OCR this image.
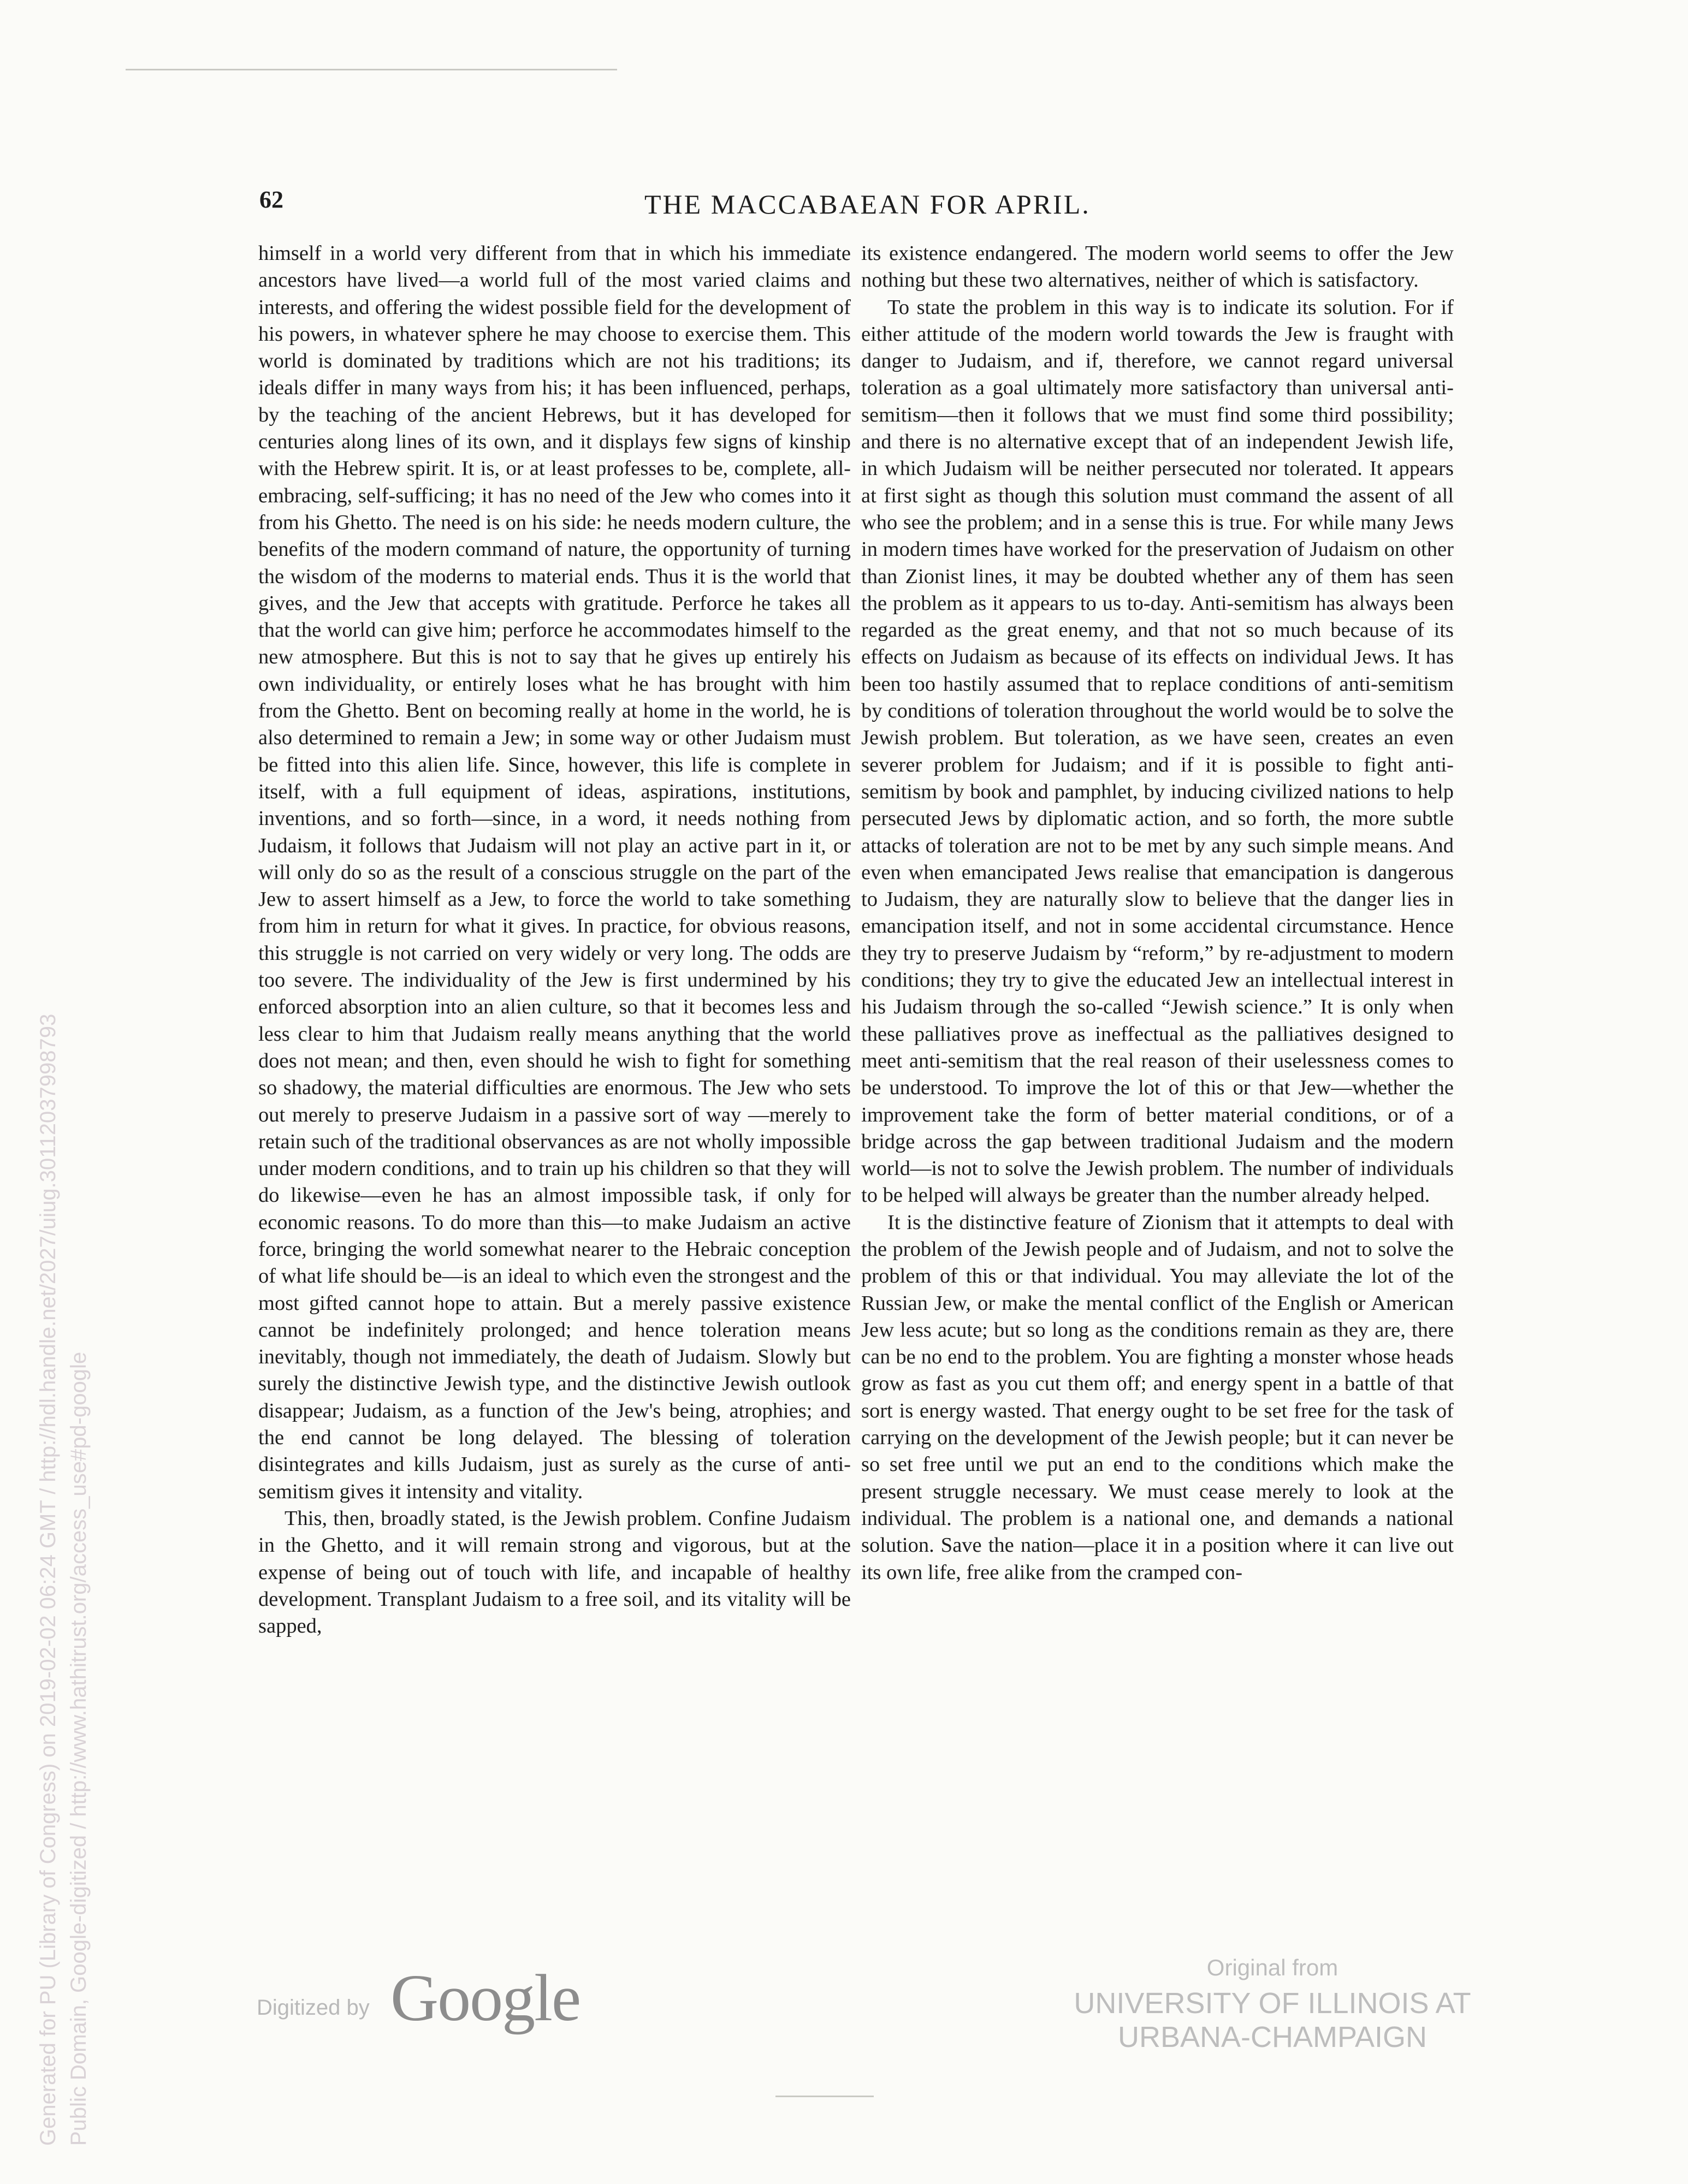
62	THE MACCABAEAN FOR APRIL.

himself in a world very different from that in which his immediate ancestors have lived—a world full of the most varied claims and interests, and offering the widest possible field for the development of his powers, in whatever sphere he may choose to exercise them. This world is dominated by traditions which are not his traditions; its ideals differ in many ways from his; it has been influenced, perhaps, by the teaching of the ancient Hebrews, but it has developed for centuries along lines of its own, and it displays few signs of kinship with the Hebrew spirit. It is, or at least professes to be, complete, all-embracing, self-sufficing; it has no need of the Jew who comes into it from his Ghetto. The need is on his side: he needs modern culture, the benefits of the modern command of nature, the opportunity of turning the wisdom of the moderns to material ends. Thus it is the world that gives, and the Jew that accepts with gratitude. Perforce he takes all that the world can give him; perforce he accommodates himself to the new atmosphere. But this is not to say that he gives up entirely his own individuality, or entirely loses what he has brought with him from the Ghetto. Bent on becoming really at home in the world, he is also determined to remain a Jew; in some way or other Judaism must be fitted into this alien life. Since, however, this life is complete in itself, with a full equipment of ideas, aspirations, institutions, inventions, and so forth—since, in a word, it needs nothing from Judaism, it follows that Judaism will not play an active part in it, or will only do so as the result of a conscious struggle on the part of the Jew to assert himself as a Jew, to force the world to take something from him in return for what it gives. In practice, for obvious reasons, this struggle is not carried on very widely or very long. The odds are too severe. The individuality of the Jew is first undermined by his enforced absorption into an alien culture, so that it becomes less and less clear to him that Judaism really means anything that the world does not mean; and then, even should he wish to fight for something so shadowy, the material difficulties are enormous. The Jew who sets out merely to preserve Judaism in a passive sort of way —merely to retain such of the traditional observances as are not wholly impossible under modern conditions, and to train up his children so that they will do likewise—even he has an almost impossible task, if only for economic reasons. To do more than this—to make Judaism an active force, bringing the world somewhat nearer to the Hebraic conception of what life should be—is an ideal to which even the strongest and the most gifted cannot hope to attain. But a merely passive existence cannot be indefinitely prolonged; and hence toleration means inevitably, though not immediately, the death of Judaism. Slowly but surely the distinctive Jewish type, and the distinctive Jewish outlook disappear; Judaism, as a function of the Jew's being, atrophies; and the end cannot be long delayed. The blessing of toleration disintegrates and kills Judaism, just as surely as the curse of anti-semitism gives it intensity and vitality.

This, then, broadly stated, is the Jewish problem. Confine Judaism in the Ghetto, and it will remain strong and vigorous, but at the expense of being out of touch with life, and incapable of healthy development. Transplant Judaism to a free soil, and its vitality will be sapped,

its existence endangered. The modern world seems to offer the Jew nothing but these two alternatives, neither of which is satisfactory.

To state the problem in this way is to indicate its solution. For if either attitude of the modern world towards the Jew is fraught with danger to Judaism, and if, therefore, we cannot regard universal toleration as a goal ultimately more satisfactory than universal anti-semitism—then it follows that we must find some third possibility; and there is no alternative except that of an independent Jewish life, in which Judaism will be neither persecuted nor tolerated. It appears at first sight as though this solution must command the assent of all who see the problem; and in a sense this is true. For while many Jews in modern times have worked for the preservation of Judaism on other than Zionist lines, it may be doubted whether any of them has seen the problem as it appears to us to-day. Anti-semitism has always been regarded as the great enemy, and that not so much because of its effects on Judaism as because of its effects on individual Jews. It has been too hastily assumed that to replace conditions of anti-semitism by conditions of toleration throughout the world would be to solve the Jewish problem. But toleration, as we have seen, creates an even severer problem for Judaism; and if it is possible to fight anti-semitism by book and pamphlet, by inducing civilized nations to help persecuted Jews by diplomatic action, and so forth, the more subtle attacks of toleration are not to be met by any such simple means. And even when emancipated Jews realise that emancipation is dangerous to Judaism, they are naturally slow to believe that the danger lies in emancipation itself, and not in some accidental circumstance. Hence they try to preserve Judaism by “reform,” by re-adjustment to modern conditions; they try to give the educated Jew an intellectual interest in his Judaism through the so-called “Jewish science.” It is only when these palliatives prove as ineffectual as the palliatives designed to meet anti-semitism that the real reason of their uselessness comes to be understood. To improve the lot of this or that Jew—whether the improvement take the form of better material conditions, or of a bridge across the gap between traditional Judaism and the modern world—is not to solve the Jewish problem. The number of individuals to be helped will always be greater than the number already helped.

It is the distinctive feature of Zionism that it attempts to deal with the problem of the Jewish people and of Judaism, and not to solve the problem of this or that individual. You may alleviate the lot of the Russian Jew, or make the mental conflict of the English or American Jew less acute; but so long as the conditions remain as they are, there can be no end to the problem. You are fighting a monster whose heads grow as fast as you cut them off; and energy spent in a battle of that sort is energy wasted. That energy ought to be set free for the task of carrying on the development of the Jewish people; but it can never be so set free until we put an end to the conditions which make the present struggle necessary. We must cease merely to look at the individual. The problem is a national one, and demands a national solution. Save the nation—place it in a position where it can live out its own life, free alike from the cramped con-

Generated for PU (Library of Congress) on 2019-02-02 06:24 GMT / http://hdl.handle.net/2027/uiug.30112037998793 Public Domain, Google-digitized / http://www.hathitrust.org/access_use#pd-google	Digitized by Google	Original from
UNIVERSITY OF ILLINOIS AT
URBANA-CHAMPAIGN
